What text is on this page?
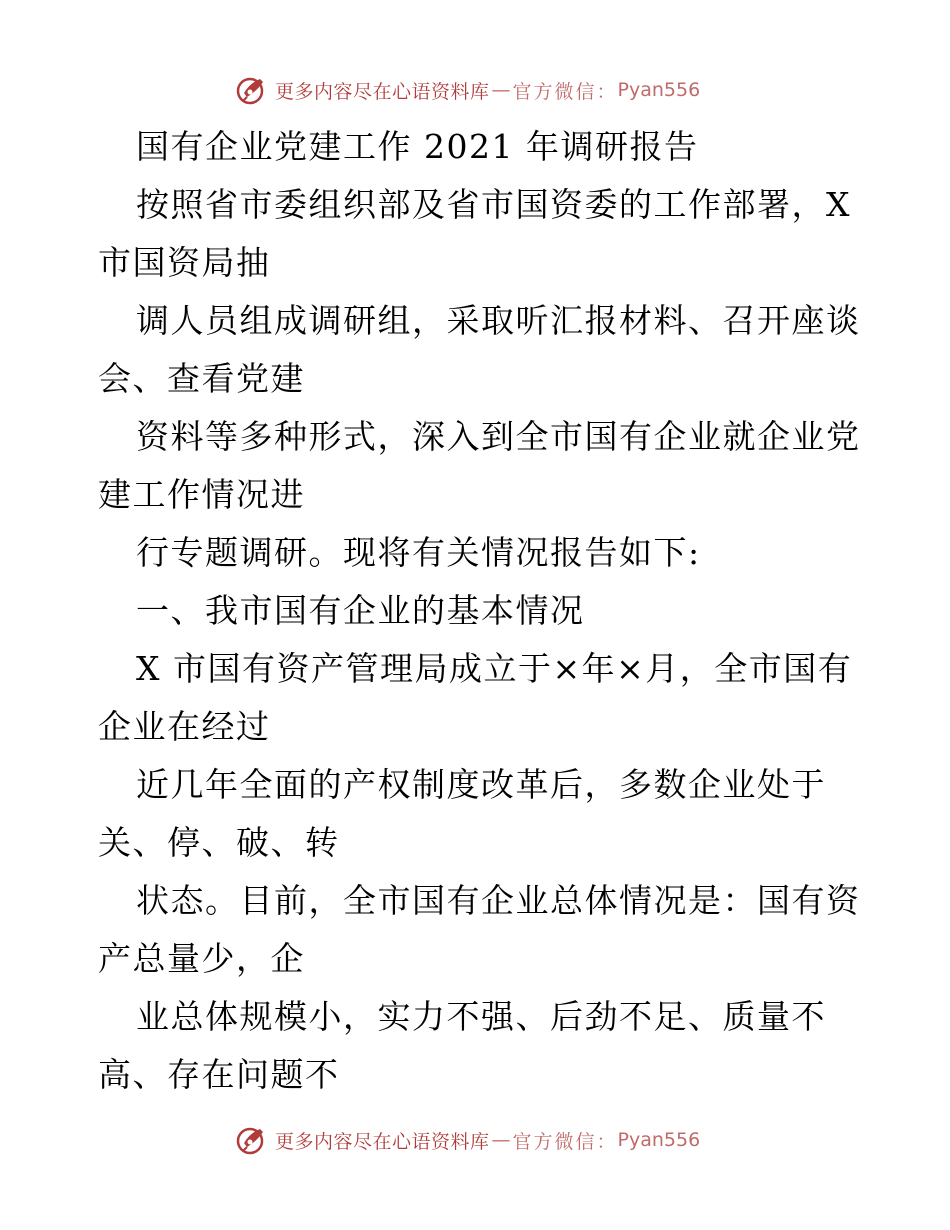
更多内容尽在心语资料库 — 官方微信： Pyan556
国有企业党建工作 2021 年调研报告
按照省市委组织部及省市国资委的工作部署，X
市国资局抽
调人员组成调研组，采取听汇报材料、召开座谈
会、查看党建
资料等多种形式，深入到全市国有企业就企业党
建工作情况进
行专题调研。现将有关情况报告如下:
一、我市国有企业的基本情况
X 市国有资产管理局成立于×年×月，全市国有
企业在经过
近几年全面的产权制度改革后，多数企业处于
关、停、破、转
状态。目前，全市国有企业总体情况是：国有资
产总量少，企
业总体规模小，实力不强、后劲不足、质量不
高、存在问题不
更多内容尽在心语资料库 — 官方微信： Pyan556
